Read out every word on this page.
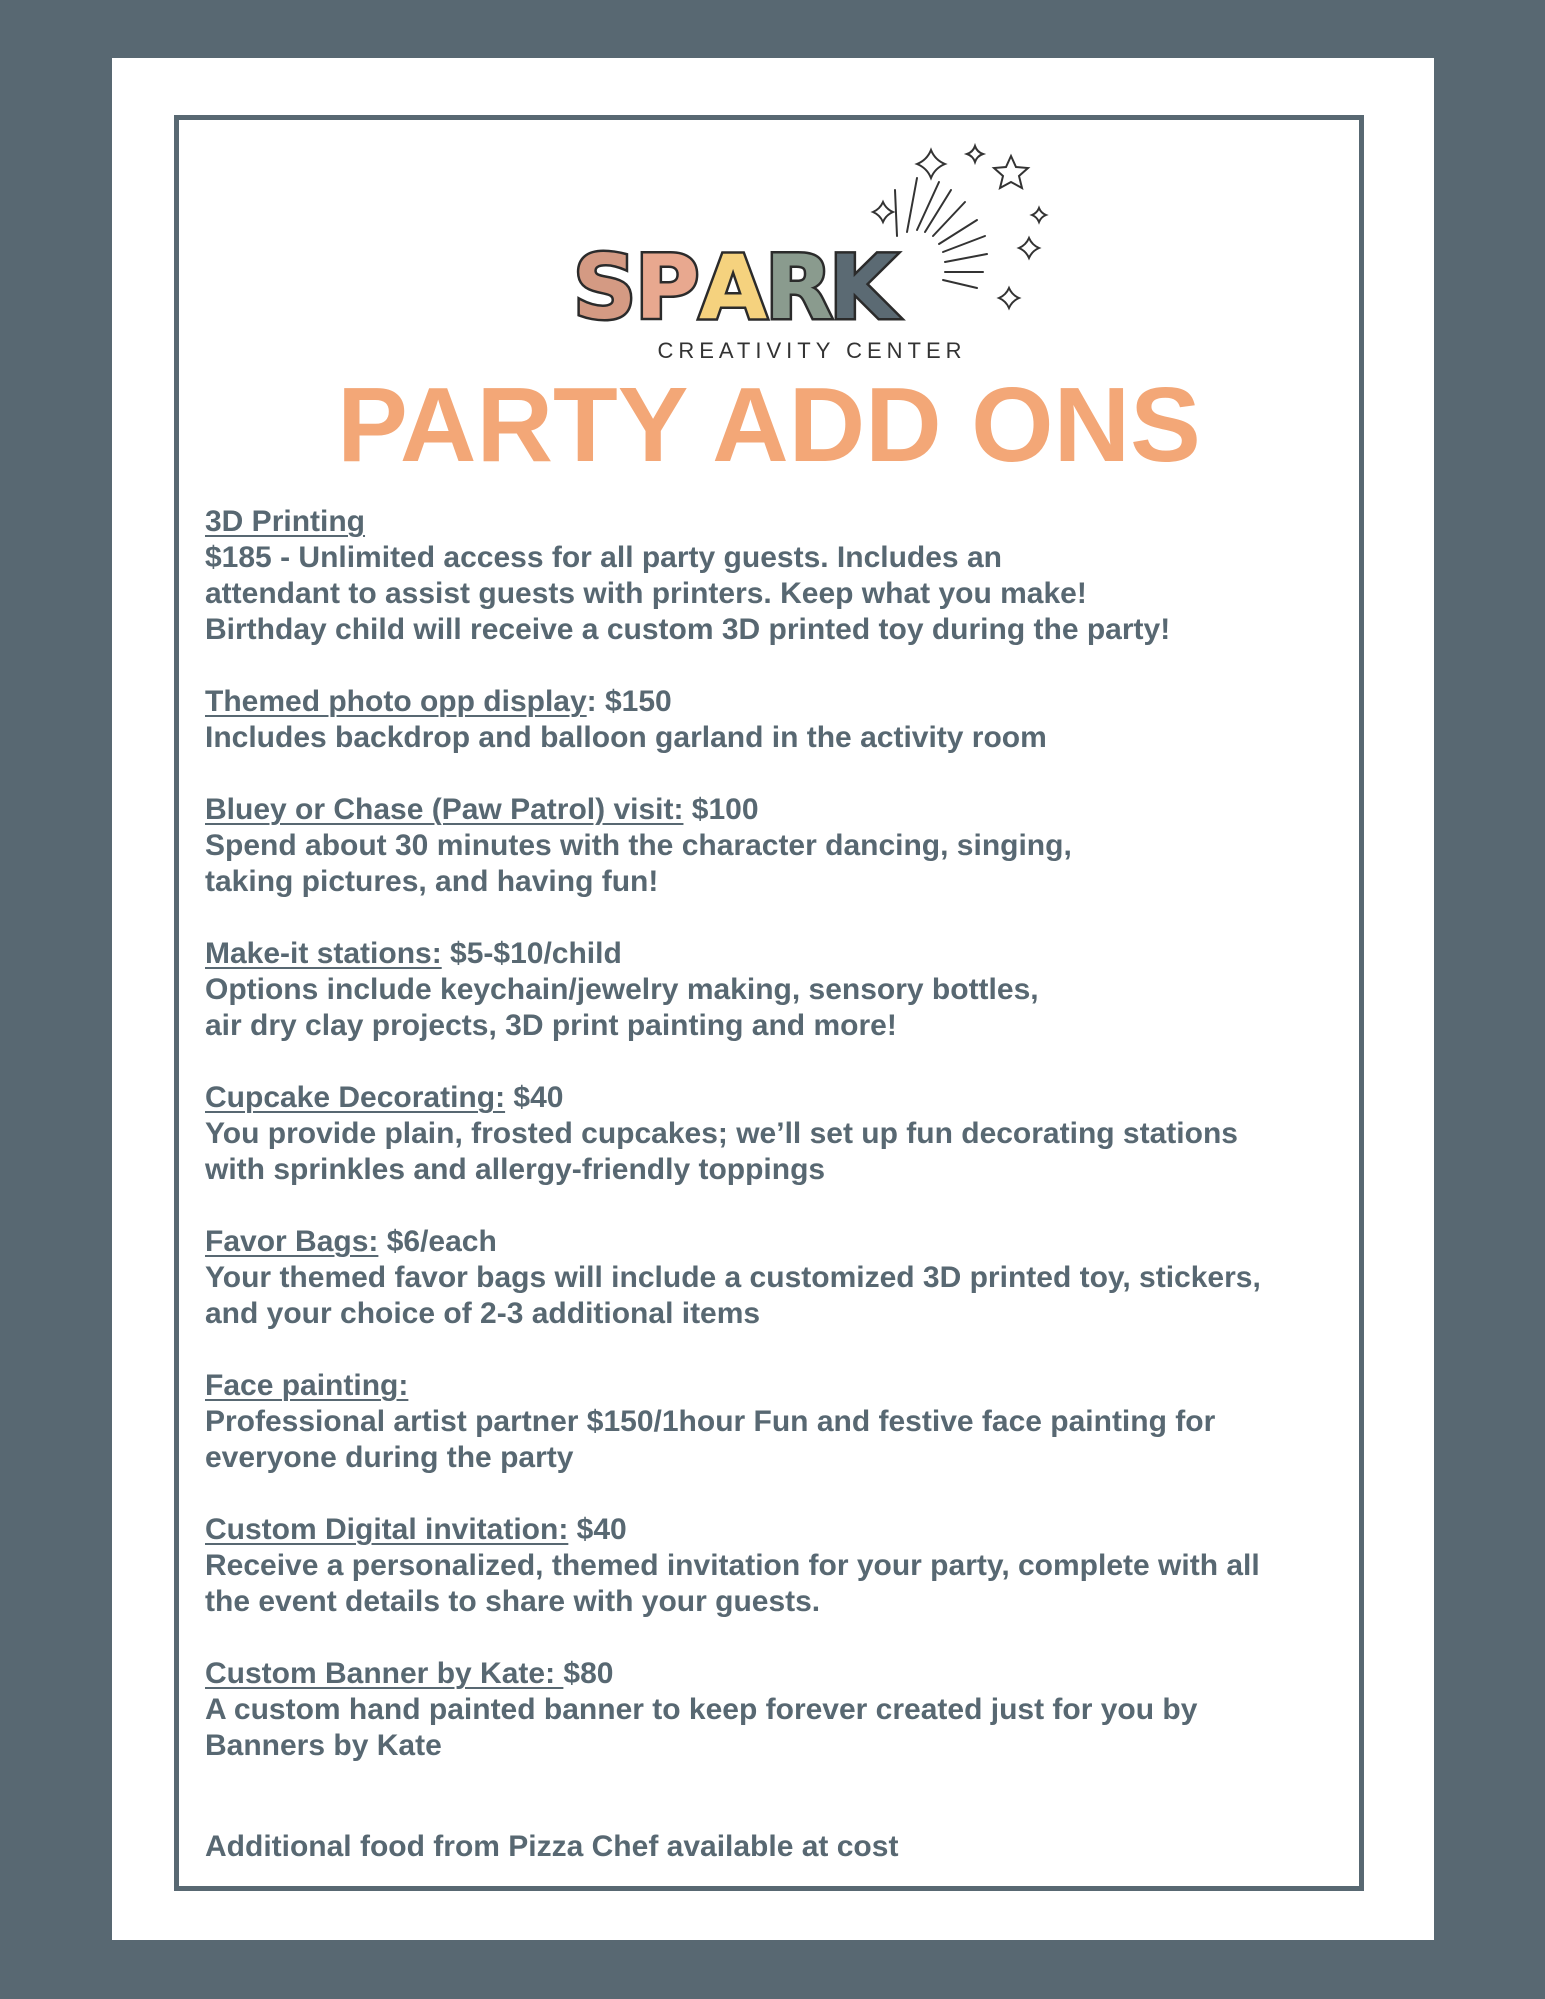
S
P A
R
K
CREATIVITY CENTER
PARTY ADD ONS
3D Printing
$185 - Unlimited access for all party guests. Includes an
attendant to assist guests with printers. Keep what you make!
Birthday child will receive a custom 3D printed toy during the party!
Themed photo opp display: $150
Includes backdrop and balloon garland in the activity room
Bluey or Chase (Paw Patrol) visit: $100
Spend about 30 minutes with the character dancing, singing,
taking pictures, and having fun!
Make-it stations: $5-$10/child
Options include keychain/jewelry making, sensory bottles,
air dry clay projects, 3D print painting and more!
Cupcake Decorating: $40
You provide plain, frosted cupcakes; we’ll set up fun decorating stations
with sprinkles and allergy-friendly toppings
Favor Bags: $6/each
Your themed favor bags will include a customized 3D printed toy, stickers,
and your choice of 2-3 additional items
Face painting:
Professional artist partner $150/1hour Fun and festive face painting for
everyone during the party
Custom Digital invitation: $40
Receive a personalized, themed invitation for your party, complete with all
the event details to share with your guests.
Custom Banner by Kate: $80
A custom hand painted banner to keep forever created just for you by
Banners by Kate
Additional food from Pizza Chef available at cost
